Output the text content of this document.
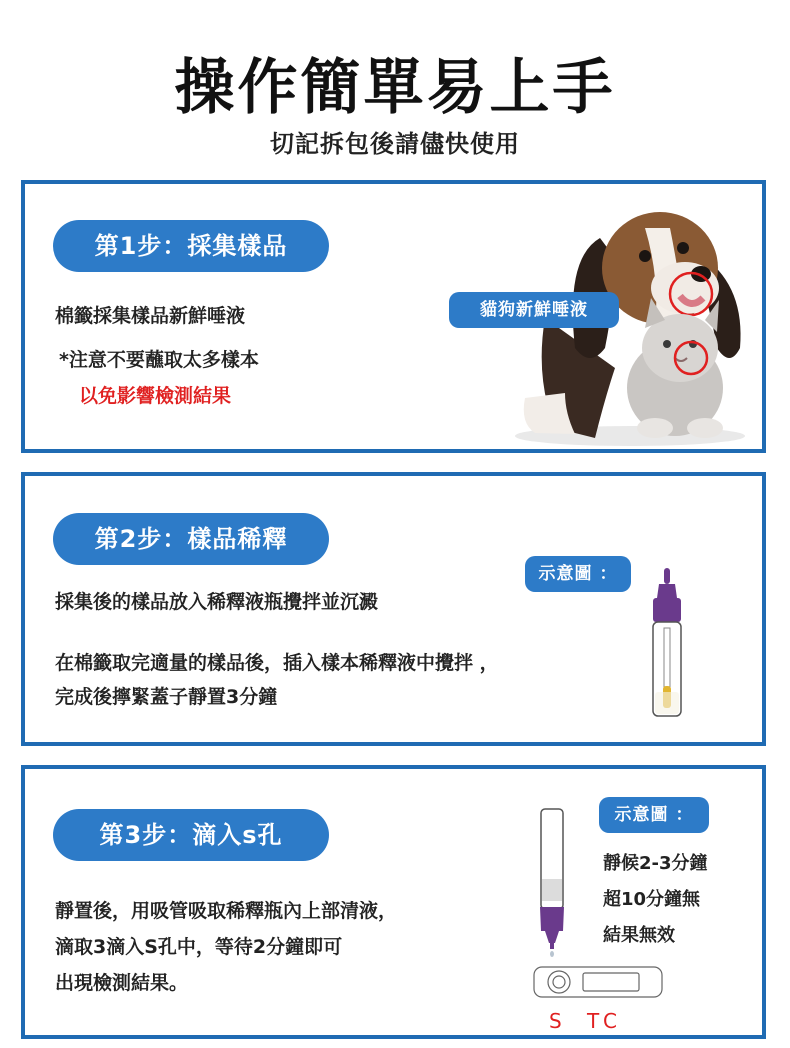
操作簡單易上手
切記拆包後請儘快使用
第1步：採集樣品
棉籤採集樣品新鮮唾液
*注意不要蘸取太多樣本
以免影響檢測結果
貓狗新鮮唾液
第2步：樣品稀釋
採集後的樣品放入稀釋液瓶攪拌並沉澱
在棉籤取完適量的樣品後，插入樣本稀釋液中攪拌 ，
完成後擰緊蓋子靜置3分鐘
示意圖 ：
第3步：滴入s孔
靜置後，用吸管吸取稀釋瓶內上部清液，
滴取3滴入S孔中，等待2分鐘即可
出現檢測結果。
S T C
示意圖 ：
靜候2-3分鐘
超10分鐘無
結果無效
